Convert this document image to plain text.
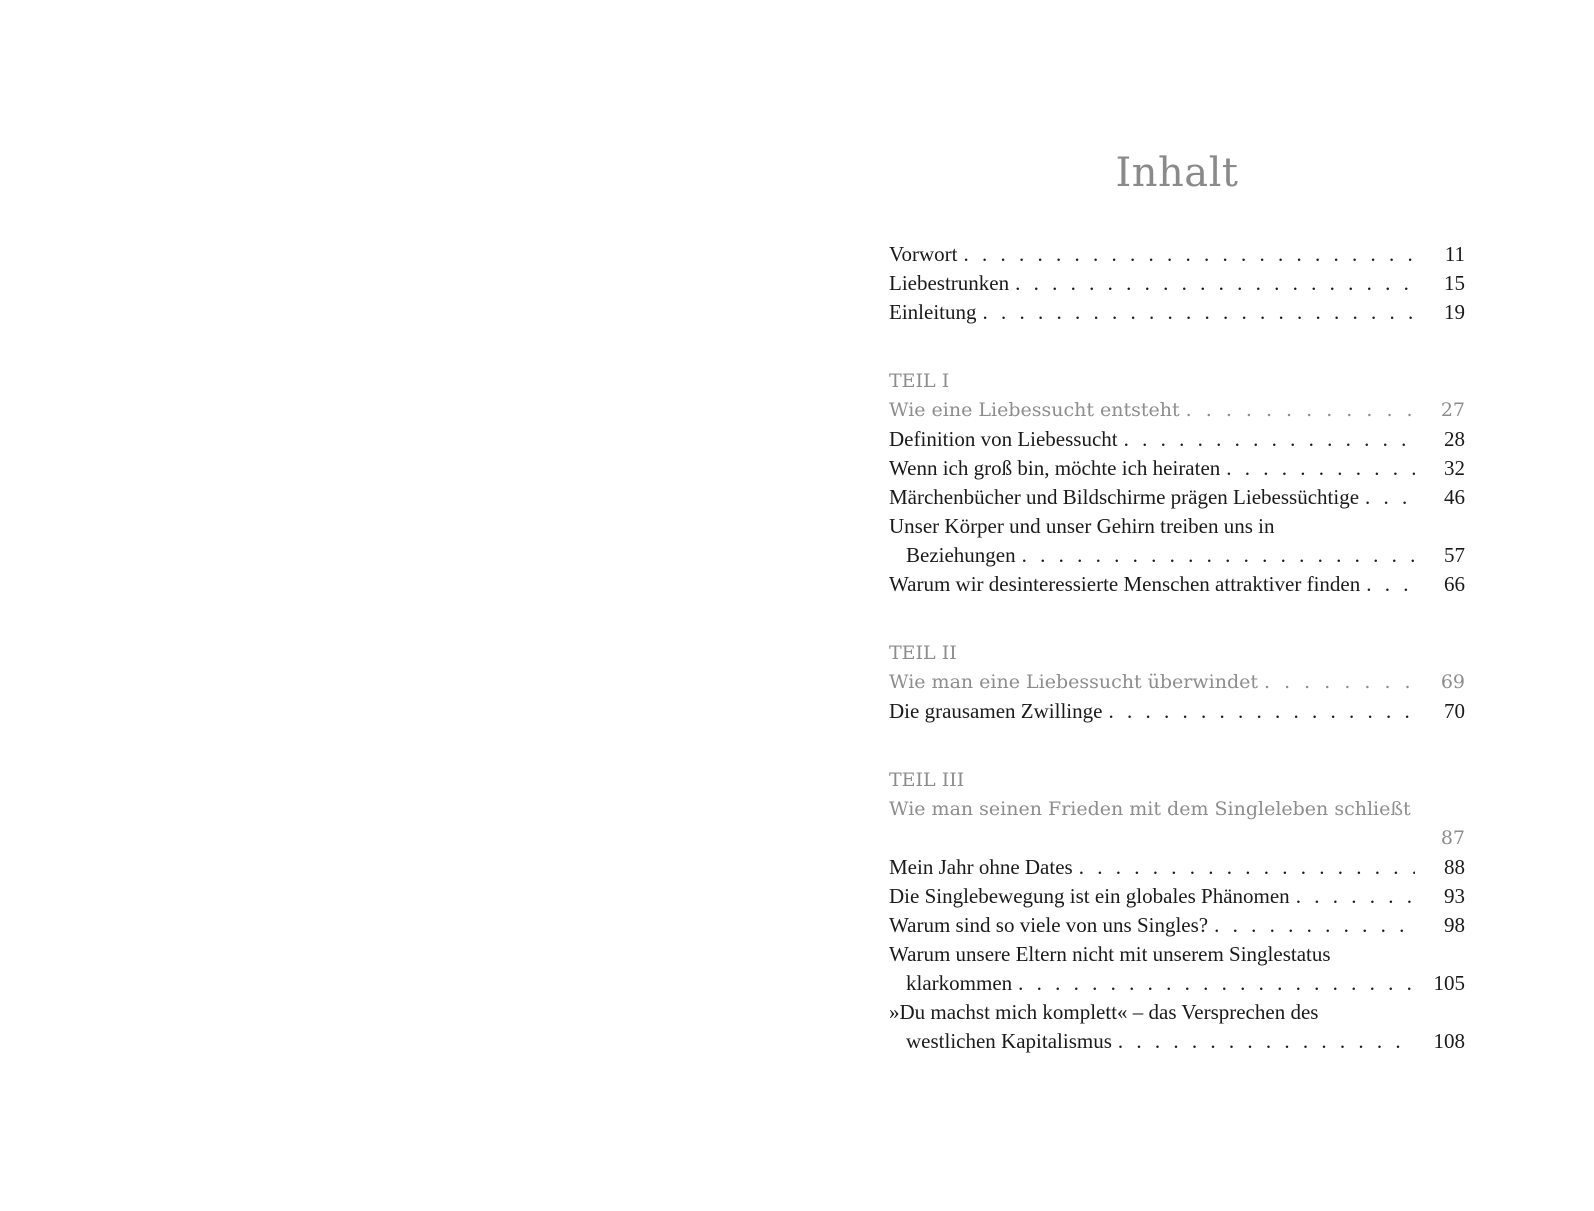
Inhalt
Vorwort . . .	11
Liebestrunken . . .	15
Einleitung . . .	19
TEIL I
Wie eine Liebessucht entsteht . . .	27
Definition von Liebessucht . . .	28
Wenn ich groß bin, möchte ich heiraten . . .	32
Märchenbücher und Bildschirme prägen Liebessüchtige . . .	46
Unser Körper und unser Gehirn treiben uns in
Beziehungen . . .	57
Warum wir desinteressierte Menschen attraktiver finden . . .	66
TEIL II
Wie man eine Liebessucht überwindet . . .	69
Die grausamen Zwillinge . . .	70
TEIL III
Wie man seinen Frieden mit dem Singleleben schließt
87
Mein Jahr ohne Dates . . .	88
Die Singlebewegung ist ein globales Phänomen . . .	93
Warum sind so viele von uns Singles? . . .	98
Warum unsere Eltern nicht mit unserem Singlestatus
klarkommen . . .	105
»Du machst mich komplett« – das Versprechen des
westlichen Kapitalismus . . .	108
